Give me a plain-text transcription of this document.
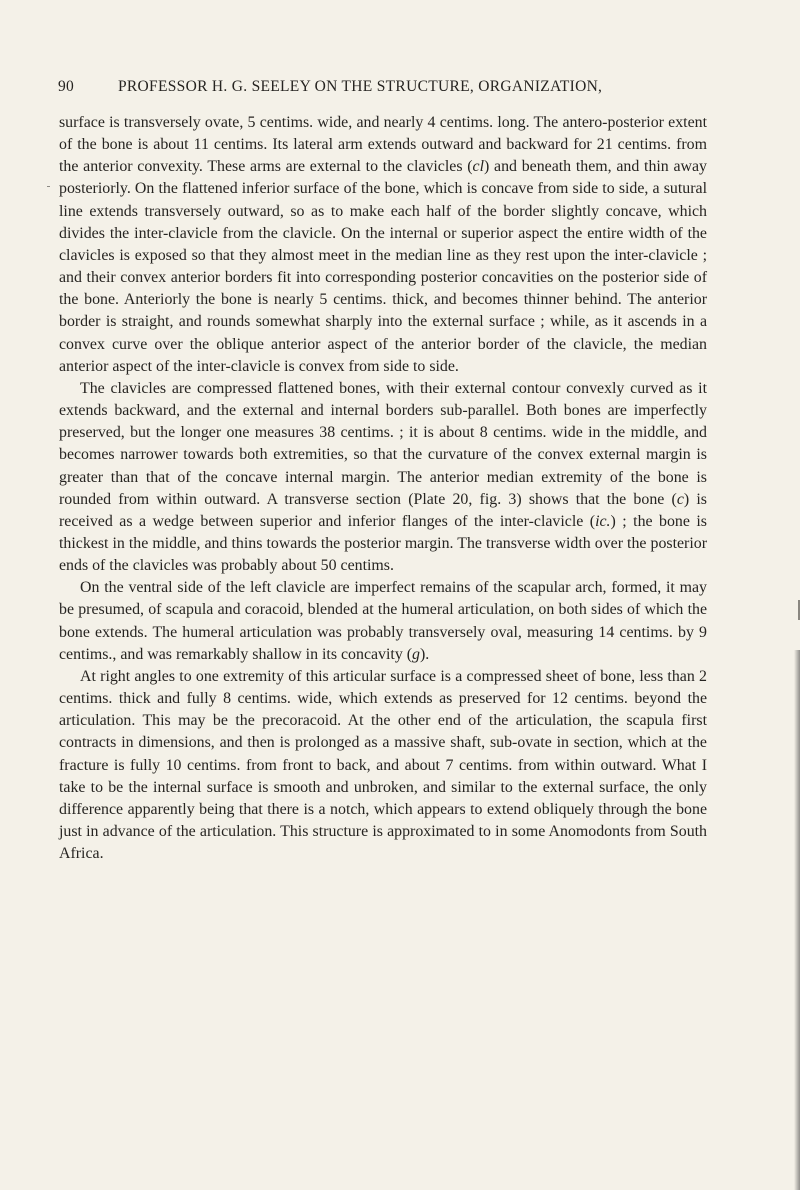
90	PROFESSOR H. G. SEELEY ON THE STRUCTURE, ORGANIZATION,

surface is transversely ovate, 5 centims. wide, and nearly 4 centims. long. The antero-posterior extent of the bone is about 11 centims. Its lateral arm extends outward and backward for 21 centims. from the anterior convexity. These arms are external to the clavicles (cl) and beneath them, and thin away posteriorly. On the flattened inferior surface of the bone, which is concave from side to side, a sutural line extends transversely outward, so as to make each half of the border slightly concave, which divides the inter-clavicle from the clavicle. On the internal or superior aspect the entire width of the clavicles is exposed so that they almost meet in the median line as they rest upon the inter-clavicle ; and their convex anterior borders fit into corresponding posterior concavities on the posterior side of the bone. Anteriorly the bone is nearly 5 centims. thick, and becomes thinner behind. The anterior border is straight, and rounds somewhat sharply into the external surface ; while, as it ascends in a convex curve over the oblique anterior aspect of the anterior border of the clavicle, the median anterior aspect of the inter-clavicle is convex from side to side.

The clavicles are compressed flattened bones, with their external contour convexly curved as it extends backward, and the external and internal borders sub-parallel. Both bones are imperfectly preserved, but the longer one measures 38 centims. ; it is about 8 centims. wide in the middle, and becomes narrower towards both extremities, so that the curvature of the convex external margin is greater than that of the concave internal margin. The anterior median extremity of the bone is rounded from within outward. A transverse section (Plate 20, fig. 3) shows that the bone (c) is received as a wedge between superior and inferior flanges of the inter-clavicle (ic.) ; the bone is thickest in the middle, and thins towards the posterior margin. The transverse width over the posterior ends of the clavicles was probably about 50 centims.

On the ventral side of the left clavicle are imperfect remains of the scapular arch, formed, it may be presumed, of scapula and coracoid, blended at the humeral articulation, on both sides of which the bone extends. The humeral articulation was probably transversely oval, measuring 14 centims. by 9 centims., and was remarkably shallow in its concavity (g).

At right angles to one extremity of this articular surface is a compressed sheet of bone, less than 2 centims. thick and fully 8 centims. wide, which extends as preserved for 12 centims. beyond the articulation. This may be the precoracoid. At the other end of the articulation, the scapula first contracts in dimensions, and then is prolonged as a massive shaft, sub-ovate in section, which at the fracture is fully 10 centims. from front to back, and about 7 centims. from within outward. What I take to be the internal surface is smooth and unbroken, and similar to the external surface, the only difference apparently being that there is a notch, which appears to extend obliquely through the bone just in advance of the articulation. This structure is approximated to in some Anomodonts from South Africa.
